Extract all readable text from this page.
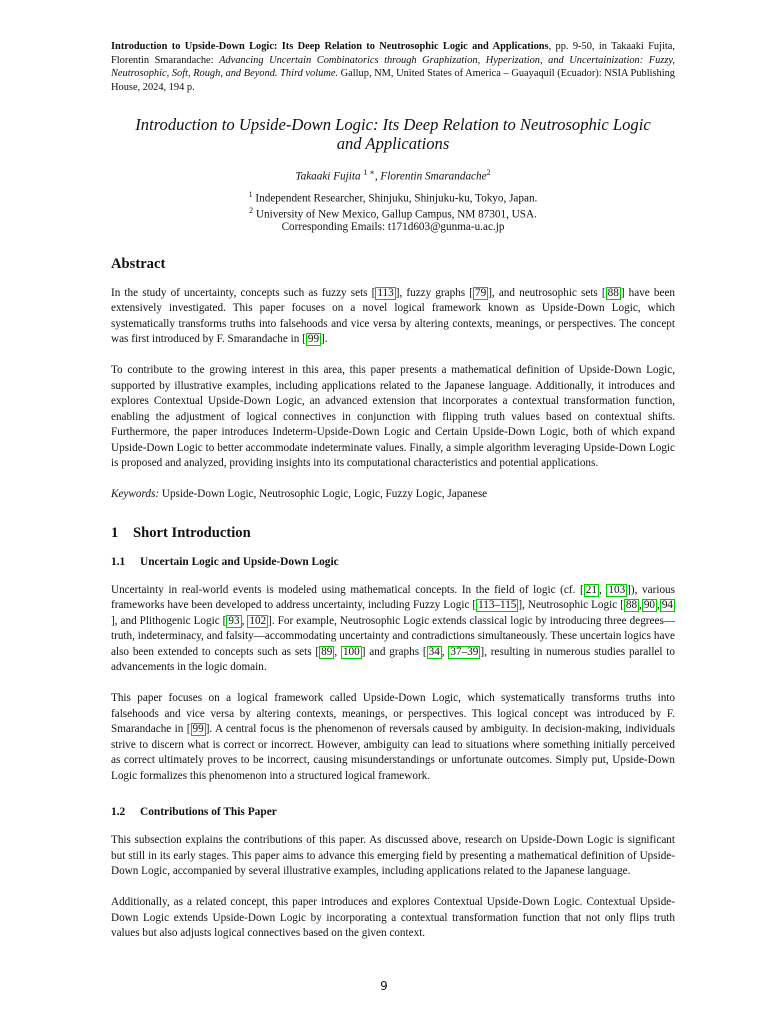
Introduction to Upside-Down Logic: Its Deep Relation to Neutrosophic Logic and Applications, pp. 9-50, in Takaaki Fujita, Florentin Smarandache: Advancing Uncertain Combinatorics through Graphization, Hyperization, and Uncertainization: Fuzzy, Neutrosophic, Soft, Rough, and Beyond. Third volume. Gallup, NM, United States of America – Guayaquil (Ecuador): NSIA Publishing House, 2024, 194 p.
Introduction to Upside-Down Logic: Its Deep Relation to Neutrosophic Logic and Applications
Takaaki Fujita $^{1 ∗}$, Florentin Smarandache$^2$
$^1$ Independent Researcher, Shinjuku, Shinjuku-ku, Tokyo, Japan.
$^2$ University of New Mexico, Gallup Campus, NM 87301, USA.
Corresponding Emails: t171d603@gunma-u.ac.jp
Abstract

In the study of uncertainty, concepts such as fuzzy sets [ 113 ], fuzzy graphs [ 79 ], and neutrosophic sets [ 88 ] have been extensively investigated. This paper focuses on a novel logical framework known as Upside-Down Logic, which systematically transforms truths into falsehoods and vice versa by altering contexts, meanings, or perspectives. The concept was first introduced by F. Smarandache in [ 99 ].

To contribute to the growing interest in this area, this paper presents a mathematical definition of Upside-Down Logic, supported by illustrative examples, including applications related to the Japanese language. Additionally, it introduces and explores Contextual Upside-Down Logic, an advanced extension that incorporates a contextual transformation function, enabling the adjustment of logical connectives in conjunction with flipping truth values based on contextual shifts. Furthermore, the paper introduces Indeterm-Upside-Down Logic and Certain Upside-Down Logic, both of which expand Upside-Down Logic to better accommodate indeterminate values. Finally, a simple algorithm leveraging Upside-Down Logic is proposed and analyzed, providing insights into its computational characteristics and potential applications.

Keywords: Upside-Down Logic, Neutrosophic Logic, Logic, Fuzzy Logic, Japanese

1 Short Introduction
1.1 Uncertain Logic and Upside-Down Logic

Uncertainty in real-world events is modeled using mathematical concepts. In the field of logic (cf. [ 21 , 103 ]), various frameworks have been developed to address uncertainty, including Fuzzy Logic [ 113–115 ], Neutrosophic Logic [ 88 , 90 , 94], and Plithogenic Logic [ 93 , 102 ]. For example, Neutrosophic Logic extends classical logic by introducing three degrees—truth, indeterminacy, and falsity—accommodating uncertainty and contradictions simultaneously. These uncertain logics have also been extended to concepts such as sets [ 89 , 100 ] and graphs [ 34 , 37–39 ], resulting in numerous studies parallel to advancements in the logic domain.

This paper focuses on a logical framework called Upside-Down Logic, which systematically transforms truths into falsehoods and vice versa by altering contexts, meanings, or perspectives. This logical concept was introduced by F. Smarandache in [ 99 ]. A central focus is the phenomenon of reversals caused by ambiguity. In decision-making, individuals strive to discern what is correct or incorrect. However, ambiguity can lead to situations where something initially perceived as correct ultimately proves to be incorrect, causing misunderstandings or unfortunate outcomes. Simply put, Upside-Down Logic formalizes this phenomenon into a structured logical framework.

1.2 Contributions of This Paper

This subsection explains the contributions of this paper. As discussed above, research on Upside-Down Logic is significant but still in its early stages. This paper aims to advance this emerging field by presenting a mathematical definition of Upside-Down Logic, accompanied by several illustrative examples, including applications related to the Japanese language.

Additionally, as a related concept, this paper introduces and explores Contextual Upside-Down Logic. Contextual Upside-Down Logic extends Upside-Down Logic by incorporating a contextual transformation function that not only flips truth values but also adjusts logical connectives based on the given context.

9
